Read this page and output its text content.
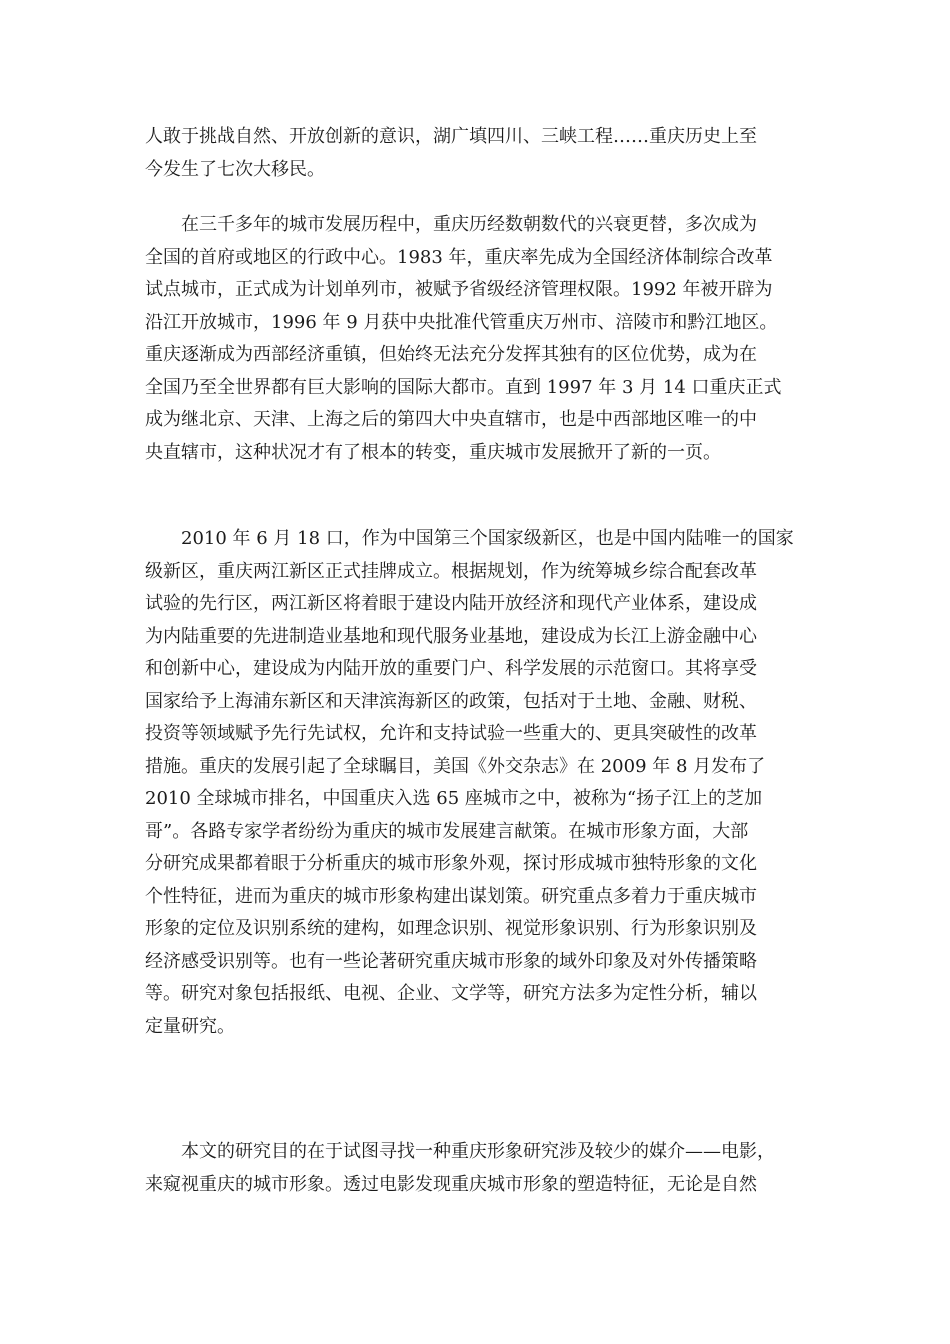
人敢于挑战自然、开放创新的意识，湖广填四川、三峡工程……重庆历史上至
今发生了七次大移民。
在三千多年的城市发展历程中，重庆历经数朝数代的兴衰更替，多次成为
全国的首府或地区的行政中心。1983 年，重庆率先成为全国经济体制综合改革
试点城市，正式成为计划单列市，被赋予省级经济管理权限。1992 年被开辟为
沿江开放城市，1996 年 9 月获中央批准代管重庆万州市、涪陵市和黔江地区。
重庆逐渐成为西部经济重镇，但始终无法充分发挥其独有的区位优势，成为在
全国乃至全世界都有巨大影响的国际大都市。直到 1997 年 3 月 14 口重庆正式
成为继北京、天津、上海之后的第四大中央直辖市，也是中西部地区唯一的中
央直辖市，这种状况才有了根本的转变，重庆城市发展掀开了新的一页。
2010 年 6 月 18 口，作为中国第三个国家级新区，也是中国内陆唯一的国家
级新区，重庆两江新区正式挂牌成立。根据规划，作为统筹城乡综合配套改革
试验的先行区，两江新区将着眼于建设内陆开放经济和现代产业体系，建设成
为内陆重要的先进制造业基地和现代服务业基地，建设成为长江上游金融中心
和创新中心，建设成为内陆开放的重要门户、科学发展的示范窗口。其将享受
国家给予上海浦东新区和天津滨海新区的政策，包括对于土地、金融、财税、
投资等领域赋予先行先试权，允许和支持试验一些重大的、更具突破性的改革
措施。重庆的发展引起了全球瞩目，美国《外交杂志》在 2009 年 8 月发布了
2010 全球城市排名，中国重庆入选 65 座城市之中，被称为“扬子江上的芝加
哥”。各路专家学者纷纷为重庆的城市发展建言献策。在城市形象方面，大部
分研究成果都着眼于分析重庆的城市形象外观，探讨形成城市独特形象的文化
个性特征，进而为重庆的城市形象构建出谋划策。研究重点多着力于重庆城市
形象的定位及识别系统的建构，如理念识别、视觉形象识别、行为形象识别及
经济感受识别等。也有一些论著研究重庆城市形象的域外印象及对外传播策略
等。研究对象包括报纸、电视、企业、文学等，研究方法多为定性分析，辅以
定量研究。
本文的研究目的在于试图寻找一种重庆形象研究涉及较少的媒介——电影，
来窥视重庆的城市形象。透过电影发现重庆城市形象的塑造特征，无论是自然
